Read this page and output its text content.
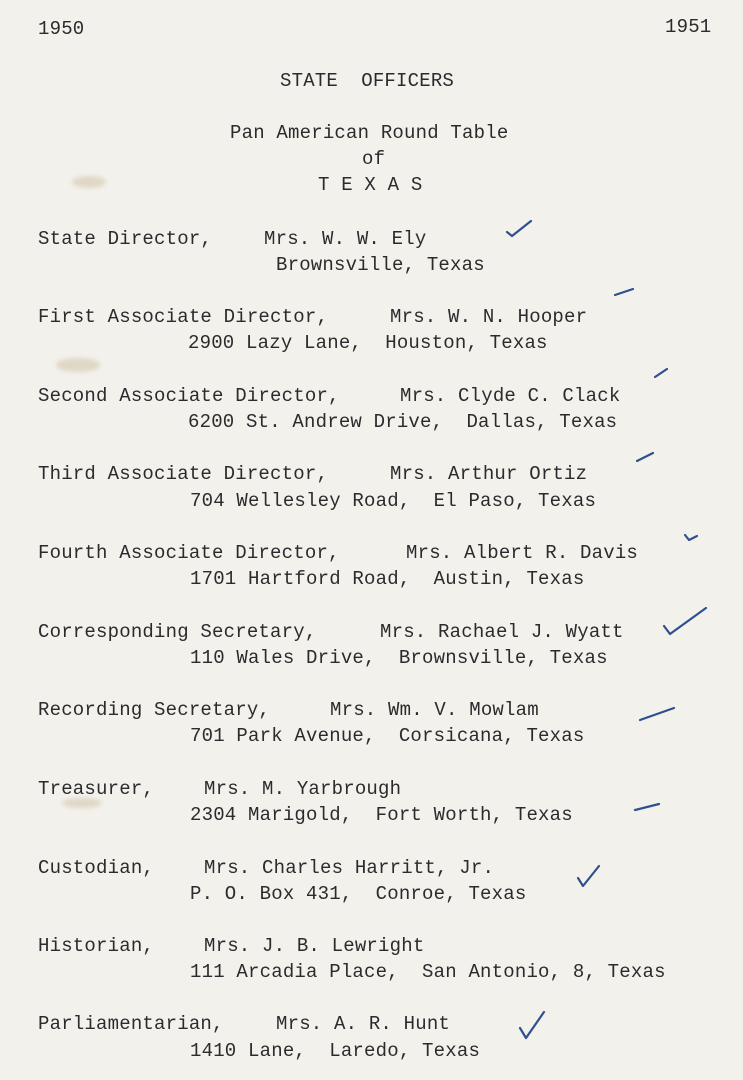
1950	1951
STATE  OFFICERS
Pan American Round Table
of
T E X A S
State Director,	Mrs. W. W. Ely
Brownsville, Texas
First Associate Director,	Mrs. W. N. Hooper
2900 Lazy Lane,  Houston, Texas
Second Associate Director,	Mrs. Clyde C. Clack
6200 St. Andrew Drive,  Dallas, Texas
Third Associate Director,	Mrs. Arthur Ortiz
704 Wellesley Road,  El Paso, Texas
Fourth Associate Director,	Mrs. Albert R. Davis
1701 Hartford Road,  Austin, Texas
Corresponding Secretary,	Mrs. Rachael J. Wyatt
110 Wales Drive,  Brownsville, Texas
Recording Secretary,	Mrs. Wm. V. Mowlam
701 Park Avenue,  Corsicana, Texas
Treasurer,	Mrs. M. Yarbrough
2304 Marigold,  Fort Worth, Texas
Custodian,	Mrs. Charles Harritt, Jr.
P. O. Box 431,  Conroe, Texas
Historian,	Mrs. J. B. Lewright
111 Arcadia Place,  San Antonio, 8, Texas
Parliamentarian,	Mrs. A. R. Hunt
1410 Lane,  Laredo, Texas
